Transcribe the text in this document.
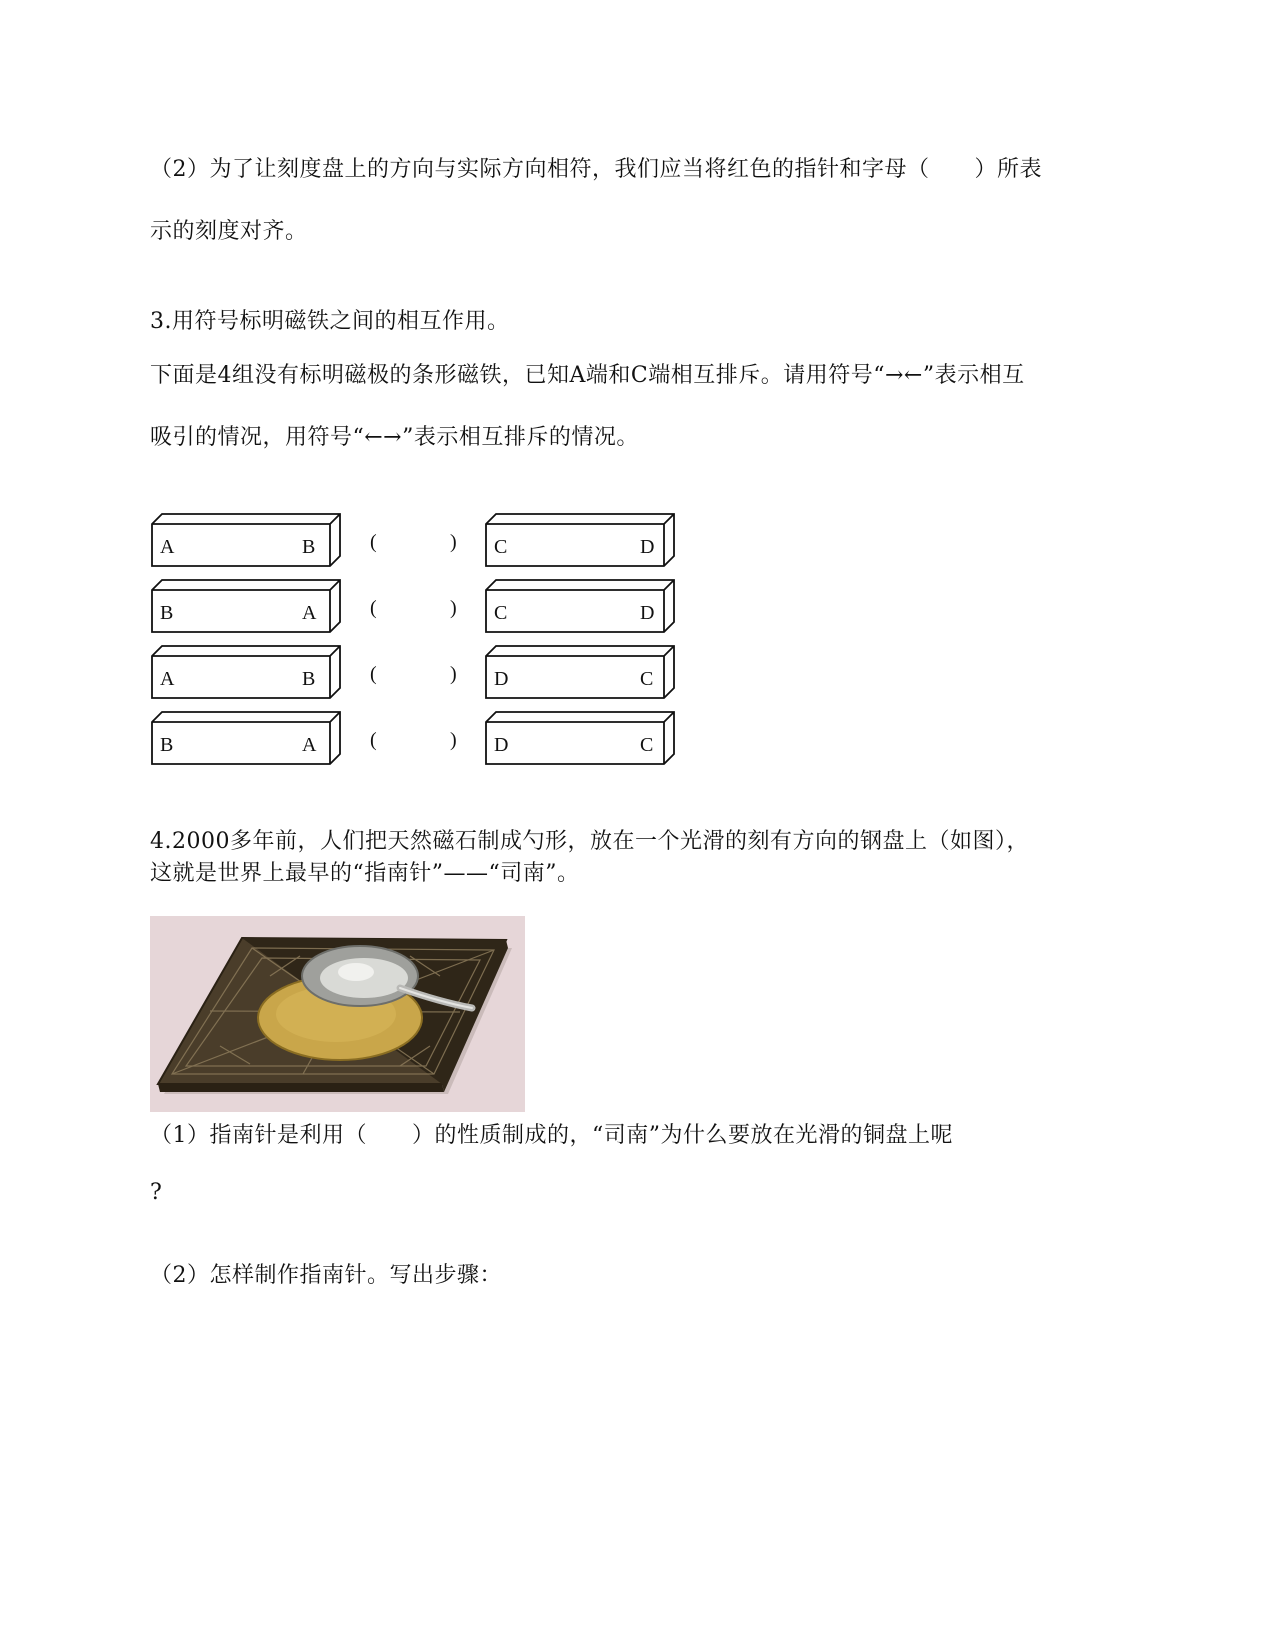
（2）为了让刻度盘上的方向与实际方向相符，我们应当将红色的指针和字母（　　）所表
示的刻度对齐。
3.用符号标明磁铁之间的相互作用。
下面是4组没有标明磁极的条形磁铁，已知A端和C端相互排斥。请用符号“→←”表示相互
吸引的情况，用符号“←→”表示相互排斥的情况。
A	B	(	) C	D
B	A	(	) C	D
A	B	(	) D	C
B	A	(	) D	C
4.2000多年前，人们把天然磁石制成勺形，放在一个光滑的刻有方向的钢盘上（如图），
这就是世界上最早的“指南针”——“司南”。
（1）指南针是利用（　　）的性质制成的，“司南”为什么要放在光滑的铜盘上呢
?
（2）怎样制作指南针。写出步骤：
